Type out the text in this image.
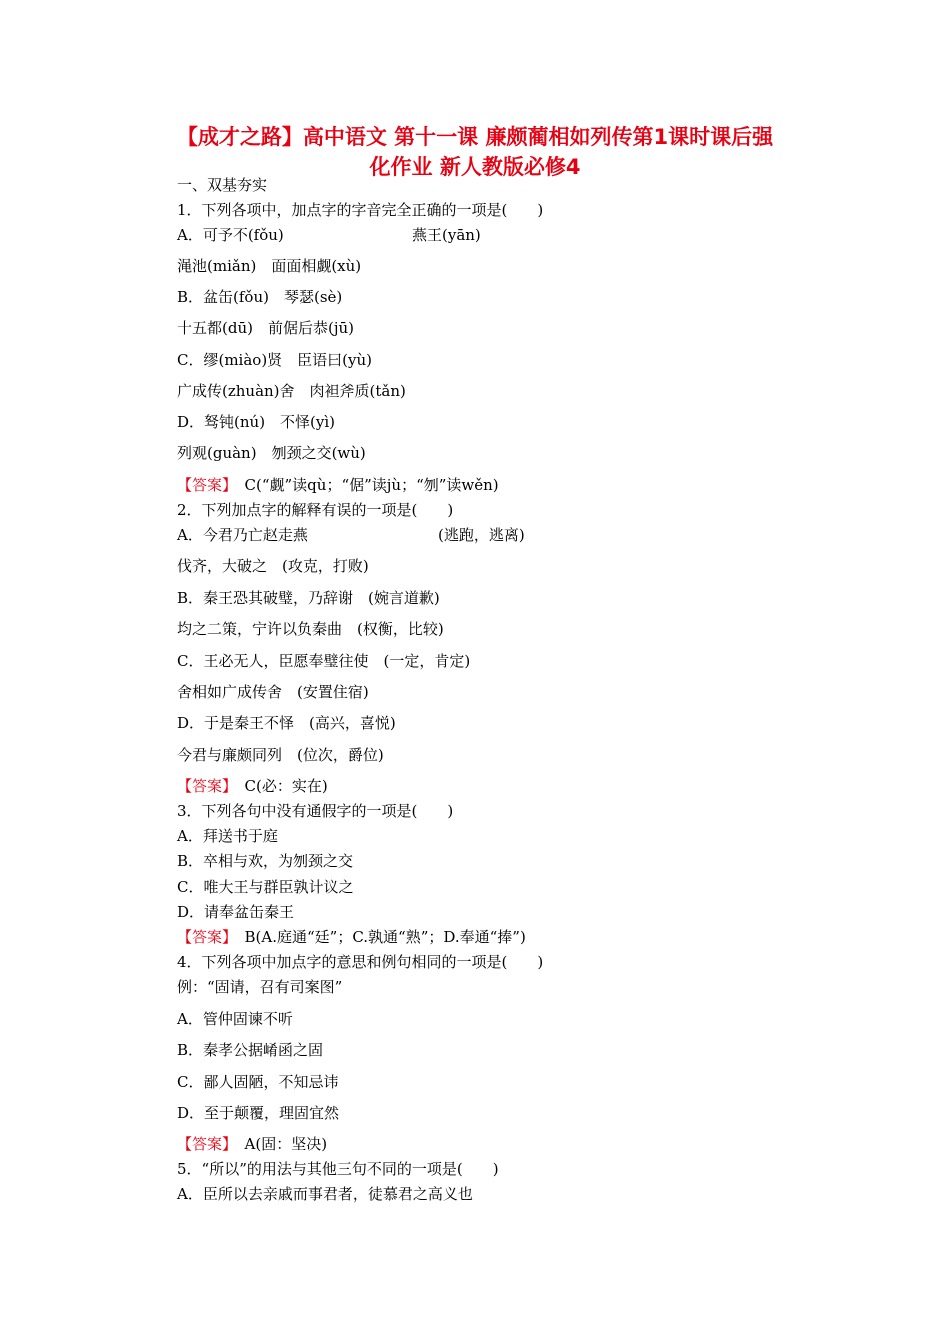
【成才之路】高中语文 第十一课 廉颇蔺相如列传第1课时课后强
化作业 新人教版必修4
一、双基夯实
1．下列各项中，加点字的字音完全正确的一项是(　　)
A．可予不(fǒu)	燕王(yān)
渑池(miǎn)　面面相觑(xù)
B．盆缶(fǒu)　琴瑟(sè)
十五都(dū)　前倨后恭(jū)
C．缪(miào)贤　臣语曰(yù)
广成传(zhuàn)舍　肉袒斧质(tǎn)
D．驽钝(nú)　不怿(yì)
列观(guàn)　刎颈之交(wù)
【答案】　C(“觑”读qù；“倨”读jù；“刎”读wěn)
2．下列加点字的解释有误的一项是(　　)
A．今君乃亡赵走燕	(逃跑，逃离)
伐齐，大破之　(攻克，打败)
B．秦王恐其破璧，乃辞谢　(婉言道歉)
均之二策，宁许以负秦曲　(权衡，比较)
C．王必无人，臣愿奉璧往使　(一定，肯定)
舍相如广成传舍　(安置住宿)
D．于是秦王不怿　(高兴，喜悦)
今君与廉颇同列　(位次，爵位)
【答案】　C(必：实在)
3．下列各句中没有通假字的一项是(　　)
A．拜送书于庭
B．卒相与欢，为刎颈之交
C．唯大王与群臣孰计议之
D．请奉盆缶秦王
【答案】　B(A.庭通“廷”；C.孰通“熟”；D.奉通“捧”)
4．下列各项中加点字的意思和例句相同的一项是(　　)
例：“固请，召有司案图”
A．管仲固谏不听
B．秦孝公据崤函之固
C．鄙人固陋，不知忌讳
D．至于颠覆，理固宜然
【答案】　A(固：坚决)
5．“所以”的用法与其他三句不同的一项是(　　)
A．臣所以去亲戚而事君者，徒慕君之高义也
